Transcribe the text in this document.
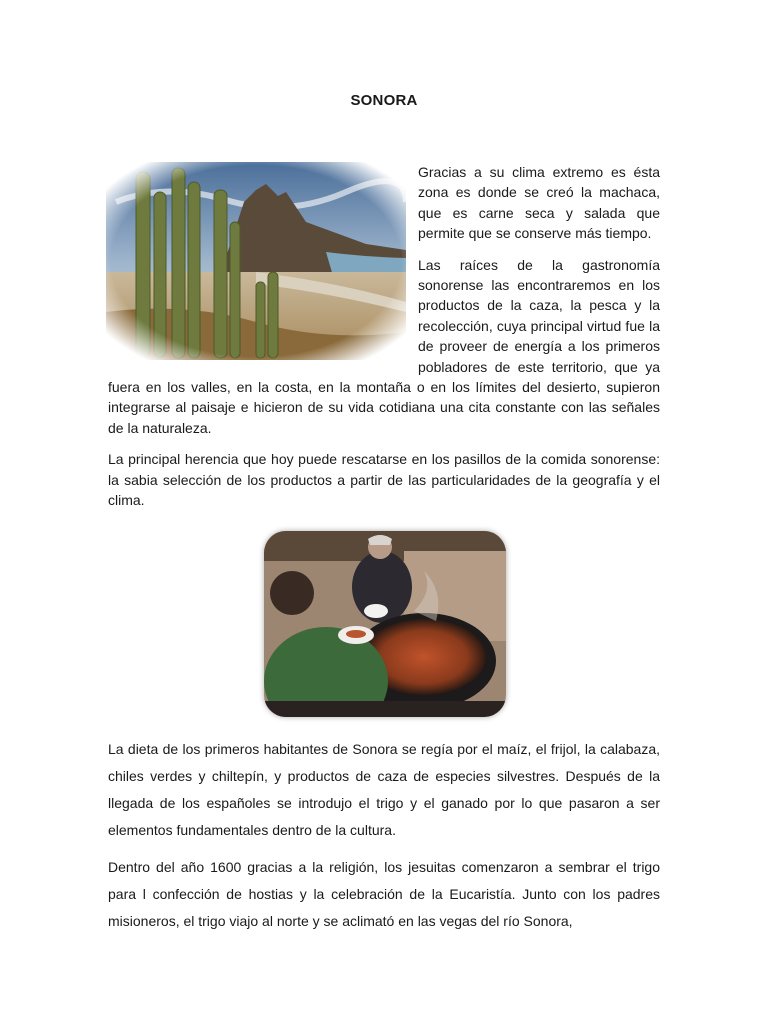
SONORA

Gracias a su clima extremo es ésta zona es donde se creó la machaca, que es carne seca y salada que permite que se conserve más tiempo.

Las raíces de la gastronomía sonorense las encontraremos en los productos de la caza, la pesca y la recolección, cuya principal virtud fue la de proveer de energía a los primeros pobladores de este territorio, que ya fuera en los valles, en la costa, en la montaña o en los límites del desierto, supieron integrarse al paisaje e hicieron de su vida cotidiana una cita constante con las señales de la naturaleza.

La principal herencia que hoy puede rescatarse en los pasillos de la comida sonorense: la sabia selección de los productos a partir de las particularidades de la geografía y el clima.

La dieta de los primeros habitantes de Sonora se regía por el maíz, el frijol, la calabaza, chiles verdes y chiltepín, y productos de caza de especies silvestres. Después de la llegada de los españoles se introdujo el trigo y el ganado por lo que pasaron a ser elementos fundamentales dentro de la cultura.

Dentro del año 1600 gracias a la religión, los jesuitas comenzaron a sembrar el trigo para l confección de hostias y la celebración de la Eucaristía. Junto con los padres misioneros, el trigo viajo al norte y se aclimató en las vegas del río Sonora,
